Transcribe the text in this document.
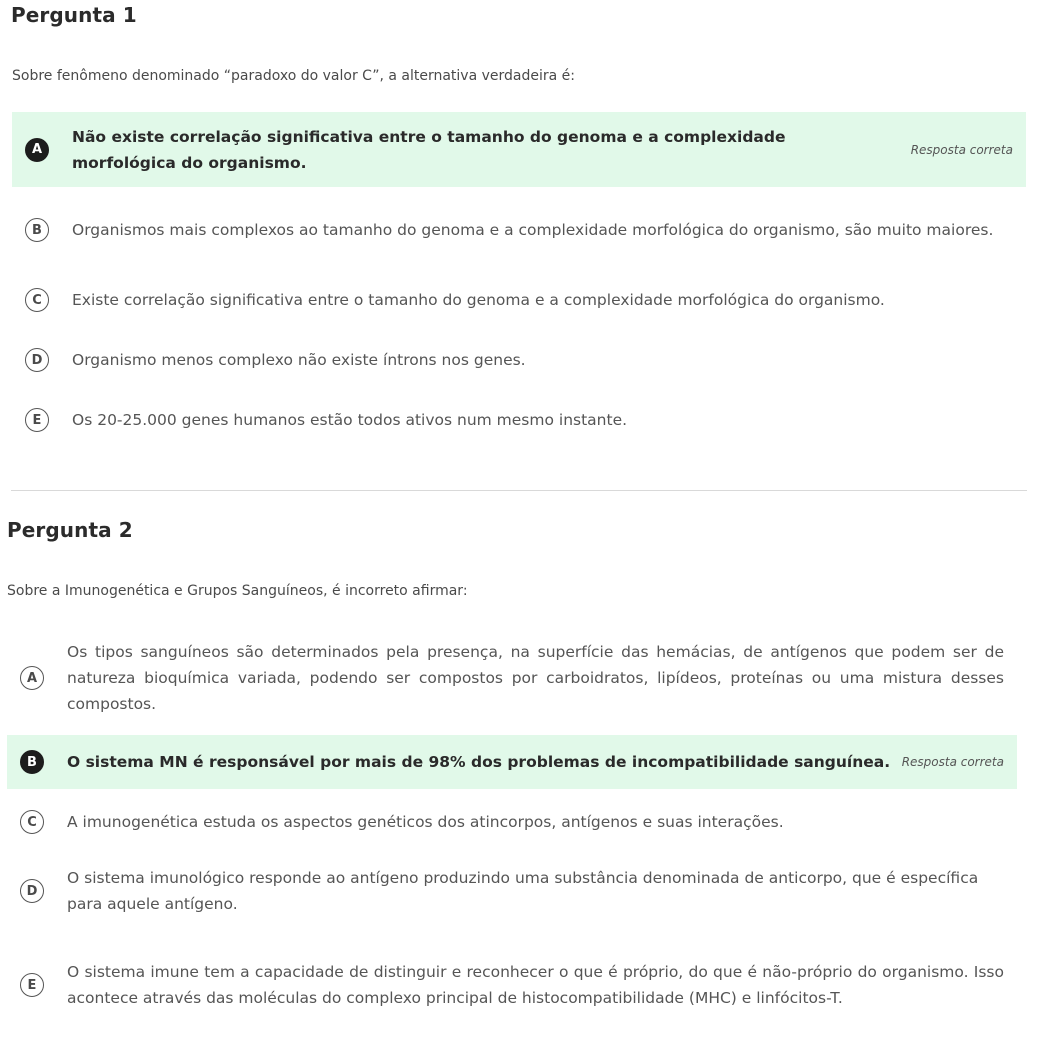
Pergunta 1

Sobre fenômeno denominado “paradoxo do valor C”, a alternativa verdadeira é:

A
Não existe correlação significativa entre o tamanho do genoma e a complexidade morfológica do organismo.
Resposta correta
B	Organismos mais complexos ao tamanho do genoma e a complexidade morfológica do organismo, são muito maiores.
C	Existe correlação significativa entre o tamanho do genoma e a complexidade morfológica do organismo.
D	Organismo menos complexo não existe íntrons nos genes.
E	Os 20-25.000 genes humanos estão todos ativos num mesmo instante.
Pergunta 2

Sobre a Imunogenética e Grupos Sanguíneos, é incorreto afirmar:

A
Os tipos sanguíneos são determinados pela presença, na superfície das hemácias, de antígenos que podem ser de natureza bioquímica variada, podendo ser compostos por carboidratos, lipídeos, proteínas ou uma mistura desses compostos.
B	O sistema MN é responsável por mais de 98% dos problemas de incompatibilidade sanguínea. Resposta correta
C	A imunogenética estuda os aspectos genéticos dos atincorpos, antígenos e suas interações.
D
O sistema imunológico responde ao antígeno produzindo uma substância denominada de anticorpo, que é específica para aquele antígeno.
E
O sistema imune tem a capacidade de distinguir e reconhecer o que é próprio, do que é não-próprio do organismo. Isso acontece através das moléculas do complexo principal de histocompatibilidade (MHC) e linfócitos-T.
